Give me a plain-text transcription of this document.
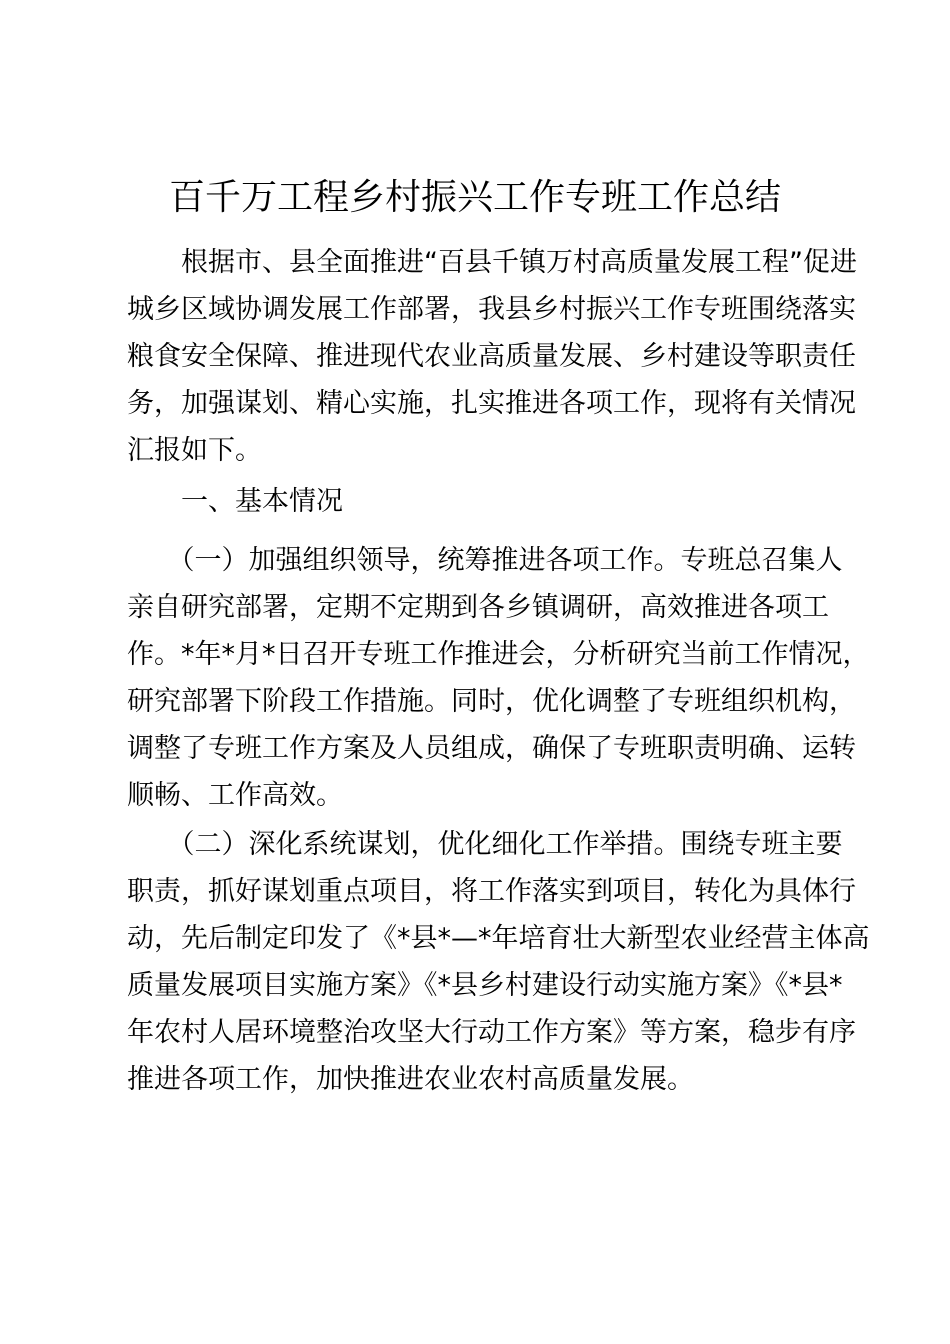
百千万工程乡村振兴工作专班工作总结
　　根据市、县全面推进“百县千镇万村高质量发展工程”促进
城乡区域协调发展工作部署，我县乡村振兴工作专班围绕落实
粮食安全保障、推进现代农业高质量发展、乡村建设等职责任
务，加强谋划、精心实施，扎实推进各项工作，现将有关情况
汇报如下。
　　一、基本情况
　　（一）加强组织领导，统筹推进各项工作。专班总召集人
亲自研究部署，定期不定期到各乡镇调研，高效推进各项工
作。*年*月*日召开专班工作推进会，分析研究当前工作情况，
研究部署下阶段工作措施。同时，优化调整了专班组织机构，
调整了专班工作方案及人员组成，确保了专班职责明确、运转
顺畅、工作高效。
　　（二）深化系统谋划，优化细化工作举措。围绕专班主要
职责，抓好谋划重点项目，将工作落实到项目，转化为具体行
动，先后制定印发了《*县*—*年培育壮大新型农业经营主体高
质量发展项目实施方案》《*县乡村建设行动实施方案》《*县*
年农村人居环境整治攻坚大行动工作方案》等方案，稳步有序
推进各项工作，加快推进农业农村高质量发展。
